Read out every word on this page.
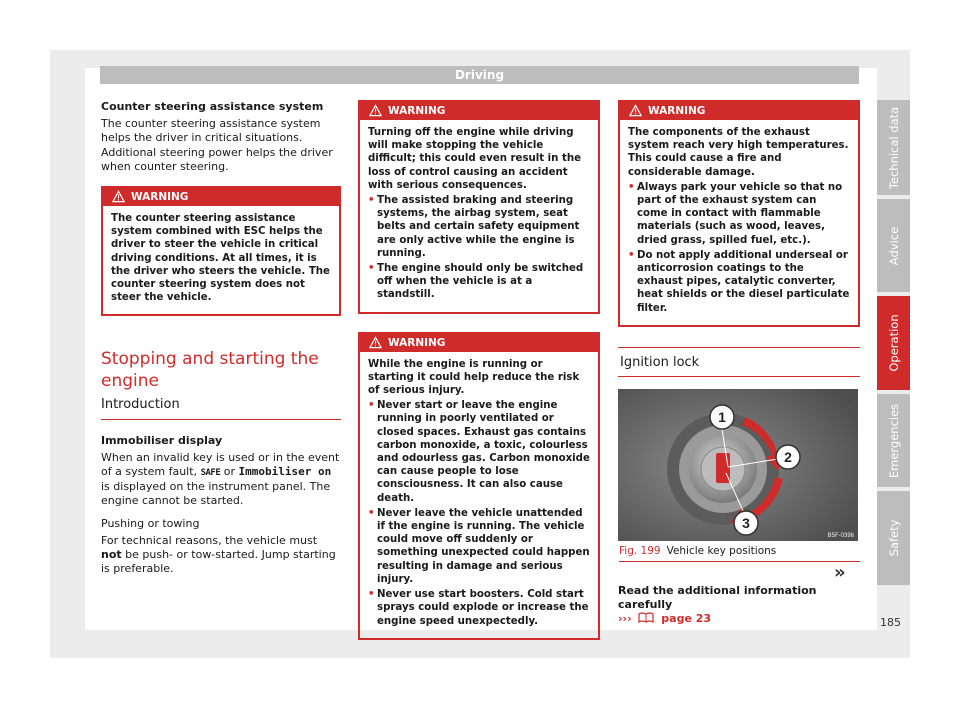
Driving
Counter steering assistance system

The counter steering assistance system helps the driver in critical situations. Additional steering power helps the driver when counter steering.

WARNING

The counter steering assistance system combined with ESC helps the driver to steer the vehicle in critical driving conditions. At all times, it is the driver who steers the vehicle. The counter steering system does not steer the vehicle.

Stopping and starting the engine
Introduction
Immobiliser display

When an invalid key is used or in the event of a system fault, SAFE or Immobiliser on is displayed on the instrument panel. The engine cannot be started.

Pushing or towing

For technical reasons, the vehicle must not be push- or tow-started. Jump starting is preferable.

WARNING

Turning off the engine while driving will make stopping the vehicle difficult; this could even result in the loss of control causing an accident with serious consequences.

• The assisted braking and steering systems, the airbag system, seat belts and certain safety equipment are only active while the engine is running.
• The engine should only be switched off when the vehicle is at a standstill.
WARNING

While the engine is running or starting it could help reduce the risk of serious injury.

• Never start or leave the engine running in poorly ventilated or closed spaces. Exhaust gas contains carbon monoxide, a toxic, colourless and odourless gas. Carbon monoxide can cause people to lose consciousness. It can also cause death.
• Never leave the vehicle unattended if the engine is running. The vehicle could move off suddenly or something unexpected could happen resulting in damage and serious injury.
• Never use start boosters. Cold start sprays could explode or increase the engine speed unexpectedly.
WARNING

The components of the exhaust system reach very high temperatures. This could cause a fire and considerable damage.

• Always park your vehicle so that no part of the exhaust system can come in contact with flammable materials (such as wood, leaves, dried grass, spilled fuel, etc.).
• Do not apply additional underseal or anticorrosion coatings to the exhaust pipes, catalytic converter, heat shields or the diesel particulate filter.
Ignition lock
1
2
3
B5F-0396
Fig. 199 Vehicle key positions
Read the additional information carefully
›››	page 23
»
Technical data
Advice
Operation
Emergencies
Safety
185
